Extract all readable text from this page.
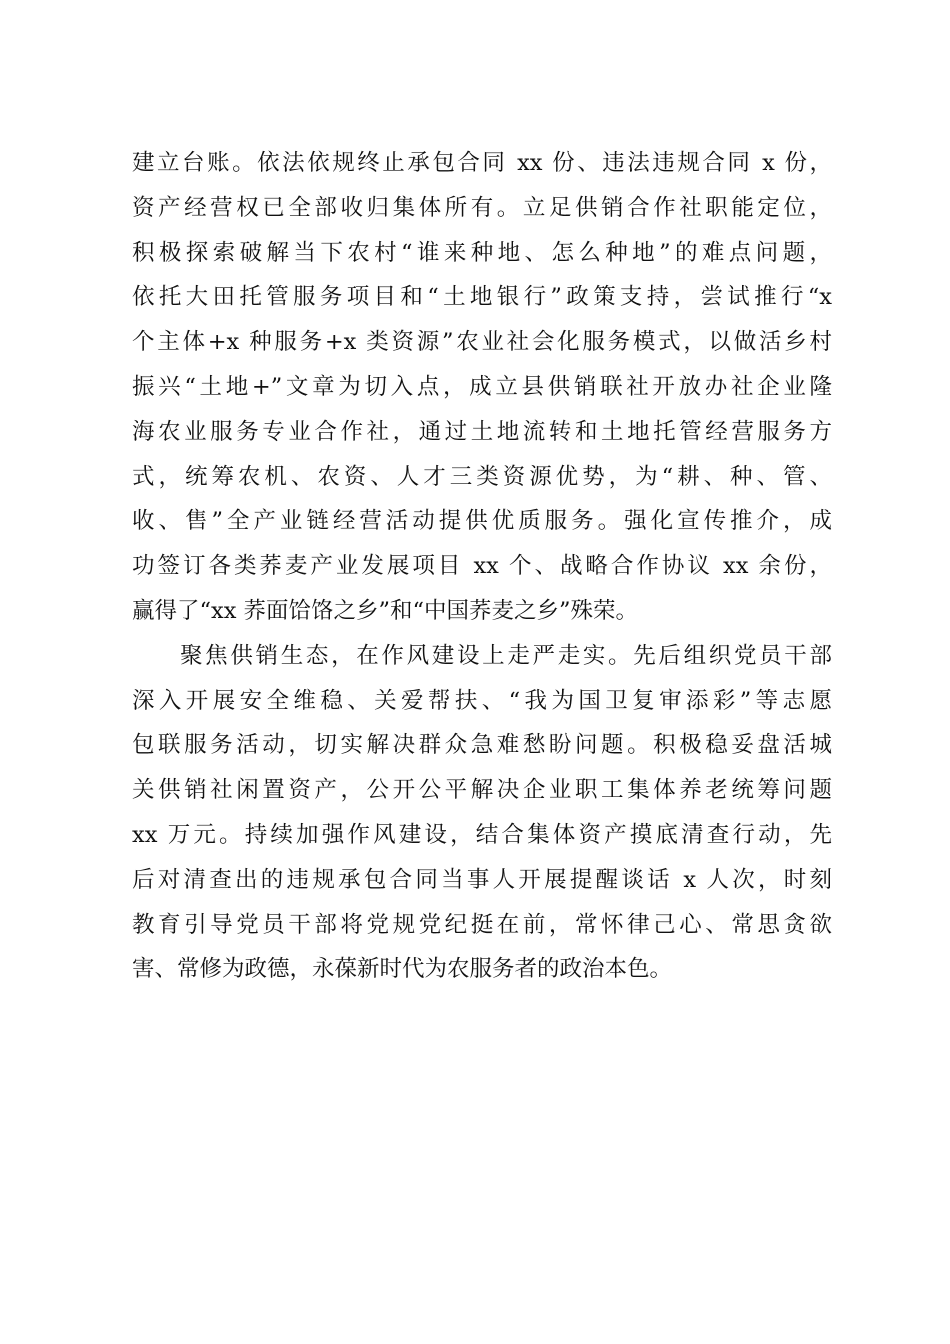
建立台账。依法依规终止承包合同 xx 份、违法违规合同 x 份，
资产经营权已全部收归集体所有。立足供销合作社职能定位，
积极探索破解当下农村“谁来种地、怎么种地”的难点问题，
依托大田托管服务项目和“土地银行”政策支持，尝试推行“x
个主体+x 种服务+x 类资源”农业社会化服务模式，以做活乡村
振兴“土地+”文章为切入点，成立县供销联社开放办社企业隆
海农业服务专业合作社，通过土地流转和土地托管经营服务方
式，统筹农机、农资、人才三类资源优势，为“耕、种、管、
收、售”全产业链经营活动提供优质服务。强化宣传推介，成
功签订各类荞麦产业发展项目 xx 个、战略合作协议 xx 余份，
赢得了“xx 荞面饸饹之乡”和“中国荞麦之乡”殊荣。
聚焦供销生态，在作风建设上走严走实。先后组织党员干部
深入开展安全维稳、关爱帮扶、“我为国卫复审添彩”等志愿
包联服务活动，切实解决群众急难愁盼问题。积极稳妥盘活城
关供销社闲置资产，公开公平解决企业职工集体养老统筹问题
xx 万元。持续加强作风建设，结合集体资产摸底清查行动，先
后对清查出的违规承包合同当事人开展提醒谈话 x 人次，时刻
教育引导党员干部将党规党纪挺在前，常怀律己心、常思贪欲
害、常修为政德，永葆新时代为农服务者的政治本色。
